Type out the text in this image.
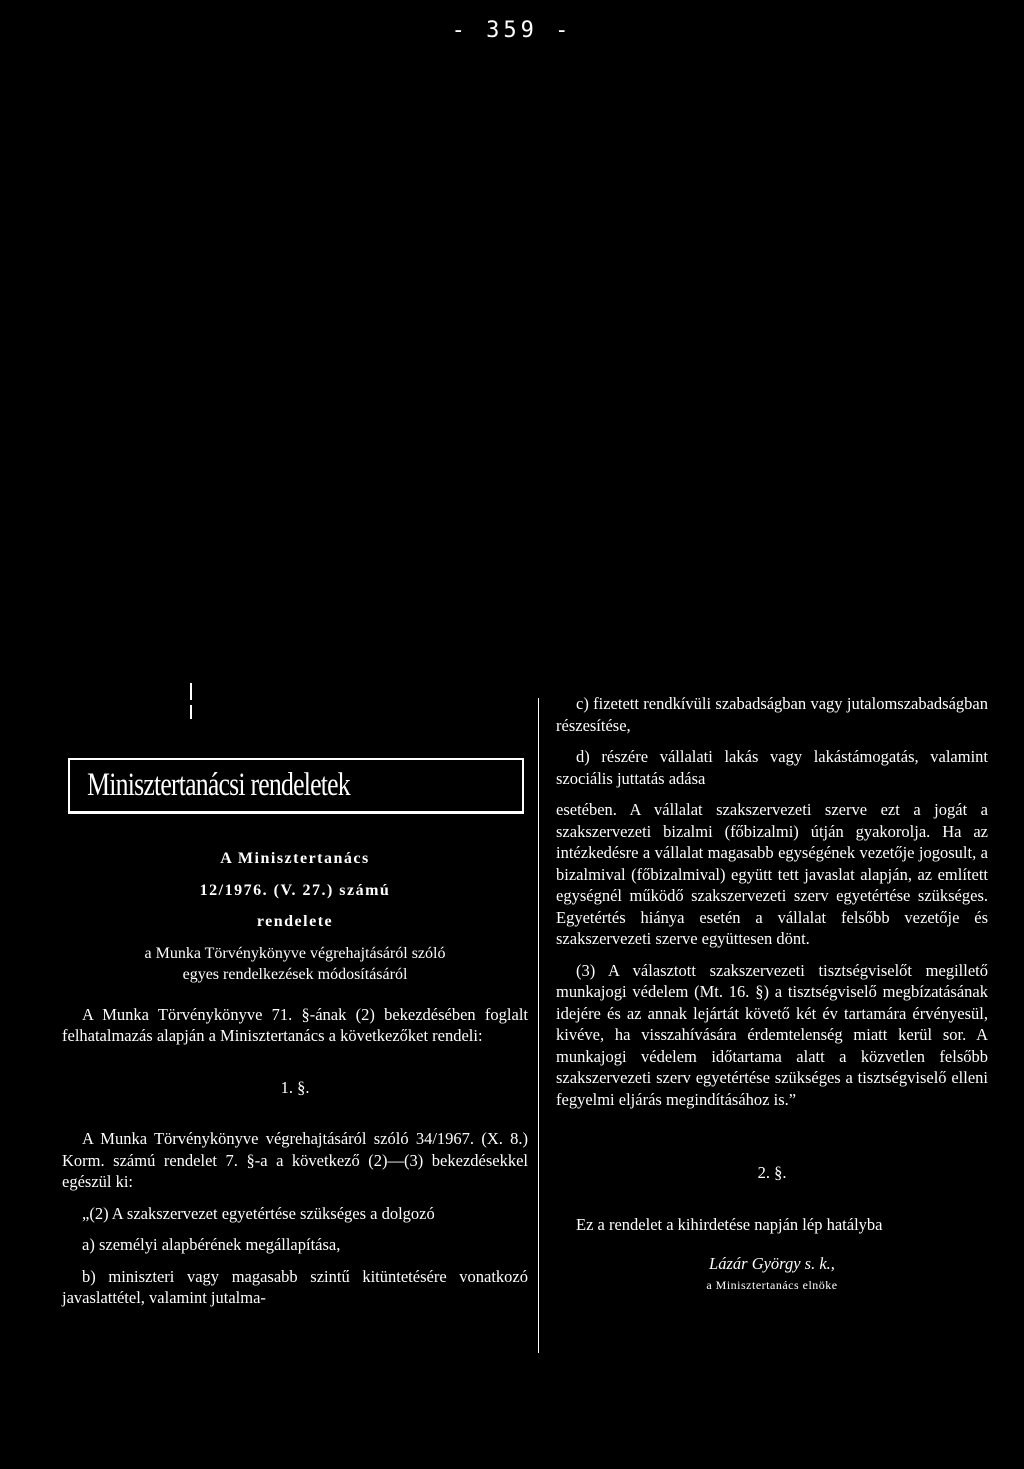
- 359 -
Minisztertanácsi rendeletek
A Minisztertanács
12/1976. (V. 27.) számú
rendelete
a Munka Törvénykönyve végrehajtásáról szóló
egyes rendelkezések módosításáról

A Munka Törvénykönyve 71. §-ának (2) bekezdésében foglalt felhatalmazás alapján a Minisztertanács a következőket rendeli:

1. §.

A Munka Törvénykönyve végrehajtásáról szóló 34/1967. (X. 8.) Korm. számú rendelet 7. §-a a következő (2)—(3) bekezdésekkel egészül ki:

„(2) A szakszervezet egyetértése szükséges a dolgozó

a) személyi alapbérének megállapítása,

b) miniszteri vagy magasabb szintű kitüntetésére vonatkozó javaslattétel, valamint jutalma-

c) fizetett rendkívüli szabadságban vagy jutalomszabadságban részesítése,

d) részére vállalati lakás vagy lakástámogatás, valamint szociális juttatás adása

esetében. A vállalat szakszervezeti szerve ezt a jogát a szakszervezeti bizalmi (főbizalmi) útján gyakorolja. Ha az intézkedésre a vállalat magasabb egységének vezetője jogosult, a bizalmival (főbizalmival) együtt tett javaslat alapján, az említett egységnél működő szakszervezeti szerv egyetértése szükséges. Egyetértés hiánya esetén a vállalat felsőbb vezetője és szakszervezeti szerve együttesen dönt.

(3) A választott szakszervezeti tisztségviselőt megillető munkajogi védelem (Mt. 16. §) a tisztségviselő megbízatásának idejére és az annak lejártát követő két év tartamára érvényesül, kivéve, ha visszahívására érdemtelenség miatt kerül sor. A munkajogi védelem időtartama alatt a közvetlen felsőbb szakszervezeti szerv egyetértése szükséges a tisztségviselő elleni fegyelmi eljárás megindításához is.”

2. §.

Ez a rendelet a kihirdetése napján lép hatályba

Lázár György s. k.,
a Minisztertanács elnöke
